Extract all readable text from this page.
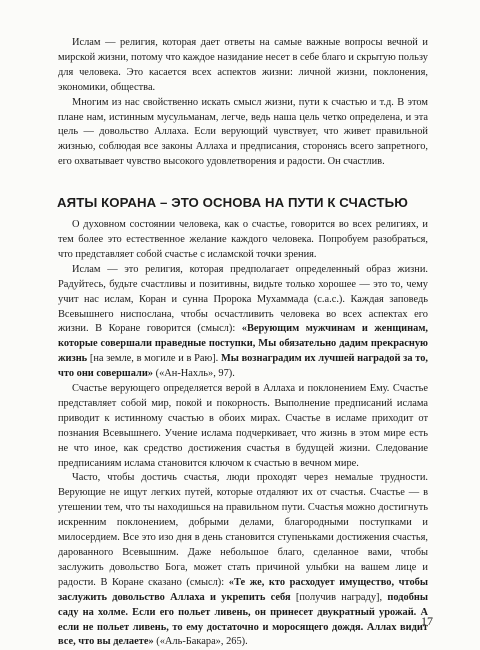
Ислам — религия, которая дает ответы на самые важные вопросы вечной и мирской жизни, потому что каждое назидание несет в себе благо и скрытую пользу для человека. Это касается всех аспектов жизни: личной жизни, поклонения, экономики, общества.

Многим из нас свойственно искать смысл жизни, пути к счастью и т.д. В этом плане нам, истинным мусульманам, легче, ведь наша цель четко определена, и эта цель — довольство Аллаха. Если верующий чувствует, что живет правильной жизнью, соблюдая все законы Аллаха и предписания, сторонясь всего запретного, его охватывает чувство высокого удовлетворения и радости. Он счастлив.

АЯТЫ КОРАНА – ЭТО ОСНОВА НА ПУТИ К СЧАСТЬЮ

О духовном состоянии человека, как о счастье, говорится во всех религиях, и тем более это естественное желание каждого человека. Попробуем разобраться, что представляет собой счастье с исламской точки зрения.

Ислам — это религия, которая предполагает определенный образ жизни. Радуйтесь, будьте счастливы и позитивны, видьте только хорошее — это то, чему учит нас ислам, Коран и сунна Пророка Мухаммада (с.а.с.). Каждая заповедь Всевышнего ниспослана, чтобы осчастливить человека во всех аспектах его жизни. В Коране говорится (смысл): «Верующим мужчинам и женщинам, которые совершали праведные поступки, Мы обязательно дадим прекрасную жизнь [на земле, в могиле и в Раю]. Мы вознаградим их лучшей наградой за то, что они совершали» («Ан-Нахль», 97).

Счастье верующего определяется верой в Аллаха и поклонением Ему. Счастье представляет собой мир, покой и покорность. Выполнение предписаний ислама приводит к истинному счастью в обоих мирах. Счастье в исламе приходит от познания Всевышнего. Учение ислама подчеркивает, что жизнь в этом мире есть не что иное, как средство достижения счастья в будущей жизни. Следование предписаниям ислама становится ключом к счастью в вечном мире.

Часто, чтобы достичь счастья, люди проходят через немалые трудности. Верующие не ищут легких путей, которые отдаляют их от счастья. Счастье — в утешении тем, что ты находишься на правильном пути. Счастья можно достигнуть искренним поклонением, добрыми делами, благородными поступками и милосердием. Все это изо дня в день становится ступеньками достижения счастья, дарованного Всевышним. Даже небольшое благо, сделанное вами, чтобы заслужить довольство Бога, может стать причиной улыбки на вашем лице и радости. В Коране сказано (смысл): «Те же, кто расходует имущество, чтобы заслужить довольство Аллаха и укрепить себя [получив награду], подобны саду на холме. Если его польет ливень, он принесет двукратный урожай. А если не польет ливень, то ему достаточно и моросящего дождя. Аллах видит все, что вы делаете» («Аль-Бакара», 265).

17
